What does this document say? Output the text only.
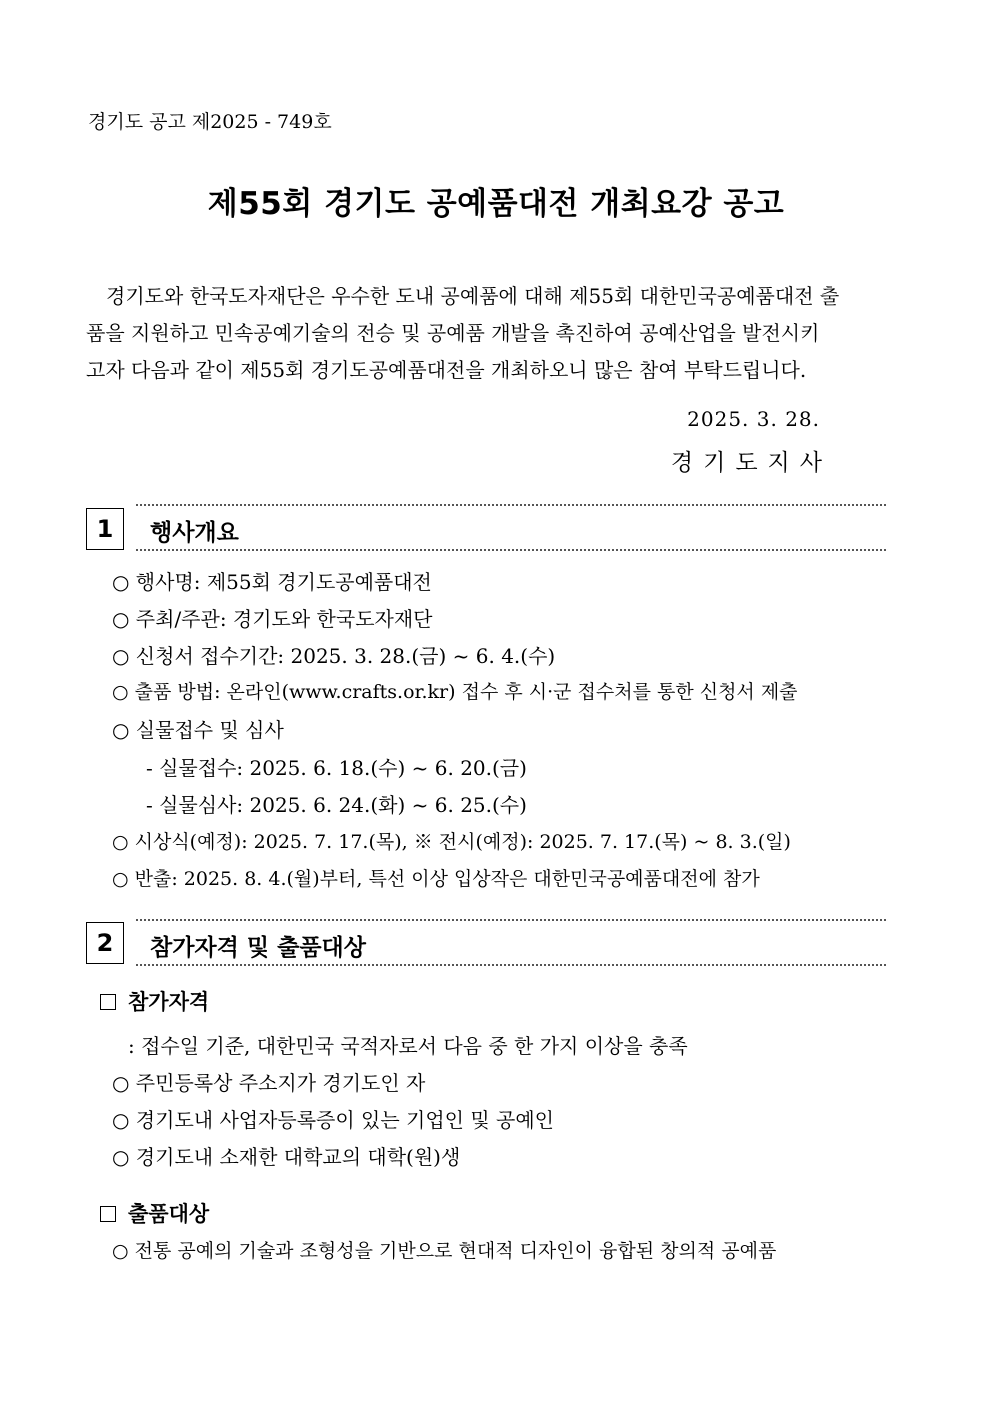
경기도 공고 제2025 - 749호
제55회 경기도 공예품대전 개최요강 공고

경기도와 한국도자재단은 우수한 도내 공예품에 대해 제55회 대한민국공예품대전 출

품을 지원하고 민속공예기술의 전승 및 공예품 개발을 촉진하여 공예산업을 발전시키

고자 다음과 같이 제55회 경기도공예품대전을 개최하오니 많은 참여 부탁드립니다.

2025. 3. 28.
경기도지사
1	행사개요
○ 행사명: 제55회 경기도공예품대전
○ 주최/주관: 경기도와 한국도자재단
○ 신청서 접수기간: 2025. 3. 28.(금) ~ 6. 4.(수)
○ 출품 방법: 온라인(www.crafts.or.kr) 접수 후 시·군 접수처를 통한 신청서 제출
○ 실물접수 및 심사
- 실물접수: 2025. 6. 18.(수) ~ 6. 20.(금)
- 실물심사: 2025. 6. 24.(화) ~ 6. 25.(수)
○ 시상식(예정): 2025. 7. 17.(목), ※ 전시(예정): 2025. 7. 17.(목) ~ 8. 3.(일)
○ 반출: 2025. 8. 4.(월)부터, 특선 이상 입상작은 대한민국공예품대전에 참가
2	참가자격 및 출품대상
참가자격
: 접수일 기준, 대한민국 국적자로서 다음 중 한 가지 이상을 충족
○ 주민등록상 주소지가 경기도인 자
○ 경기도내 사업자등록증이 있는 기업인 및 공예인
○ 경기도내 소재한 대학교의 대학(원)생
출품대상
○ 전통 공예의 기술과 조형성을 기반으로 현대적 디자인이 융합된 창의적 공예품
